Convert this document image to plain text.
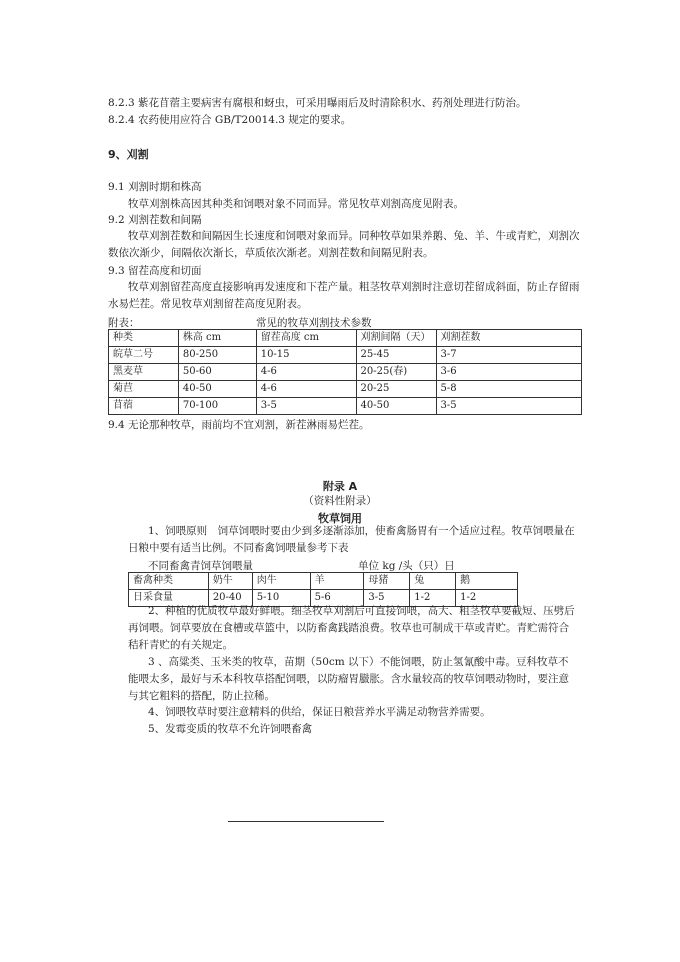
8.2.3 紫花苜蓿主要病害有腐根和蚜虫，可采用曝雨后及时清除积水、药剂处理进行防治。
8.2.4 农药使用应符合 GB/T20014.3 规定的要求。
9、刈割
9.1 刈割时期和株高
牧草刈割株高因其种类和饲喂对象不同而异。常见牧草刈割高度见附表。
9.2 刈割茬数和间隔
牧草刈割茬数和间隔因生长速度和饲喂对象而异。同种牧草如果养鹅、兔、羊、牛或青贮，刈割次数依次渐少，间隔依次渐长，草质依次渐老。刈割茬数和间隔见附表。
9.3 留茬高度和切面
牧草刈割留茬高度直接影响再发速度和下茬产量。粗茎牧草刈割时注意切茬留成斜面，防止存留雨水易烂茬。常见牧草刈割留茬高度见附表。
附表：	常见的牧草刈割技术参数
种类	株高 cm	留茬高度 cm	刈割间隔（天）	刈割茬数
皖草二号	80-250	10-15	25-45	3-7
黑麦草	50-60	4-6	20-25(春)	3-6
菊苣	40-50	4-6	20-25	5-8
苜蓿	70-100	3-5	40-50	3-5
9.4 无论那种牧草，雨前均不宜刈割，新茬淋雨易烂茬。
附录 A
（资料性附录）
牧草饲用
1、饲喂原则　饲草饲喂时要由少到多逐渐添加，使畜禽肠胃有一个适应过程。牧草饲喂量在日粮中要有适当比例。不同畜禽饲喂量参考下表
不同畜禽青饲草饲喂量	单位 kg /头（只）日
畜禽种类	奶牛	肉牛	羊	母猪	兔	鹅
日采食量	20-40	5-10	5-6	3-5	1-2	1-2
2、种植的优质牧草最好鲜喂。细茎牧草刈割后可直接饲喂，高大、粗茎牧草要截短、压劈后再饲喂。饲草要放在食槽或草篮中，以防畜禽践踏浪费。牧草也可制成干草或青贮。青贮需符合秸秆青贮的有关规定。
3 、高粱类、玉米类的牧草，苗期（50cm 以下）不能饲喂，防止氢氰酸中毒。豆科牧草不能喂太多，最好与禾本科牧草搭配饲喂，以防瘤胃臌胀。含水量较高的牧草饲喂动物时，要注意与其它粗料的搭配，防止拉稀。
4、饲喂牧草时要注意精料的供给，保证日粮营养水平满足动物营养需要。
5、发霉变质的牧草不允许饲喂畜禽
